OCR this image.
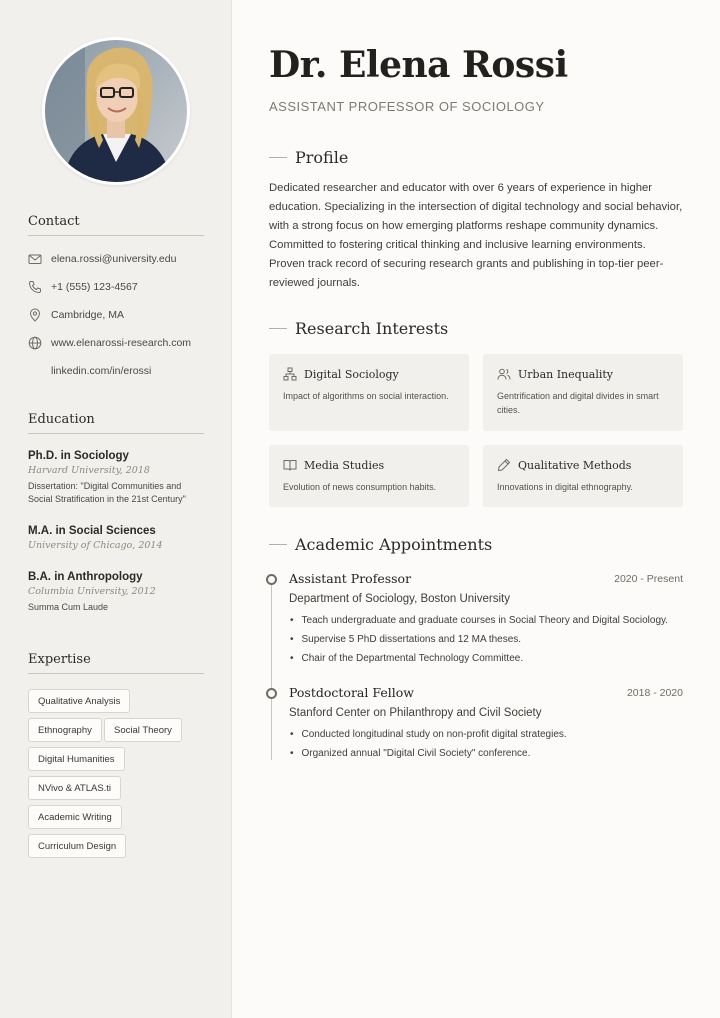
Contact
elena.rossi@university.edu
+1 (555) 123-4567
Cambridge, MA
www.elenarossi-research.com
linkedin.com/in/erossi
Education
Ph.D. in Sociology
Harvard University, 2018
Dissertation: "Digital Communities and Social Stratification in the 21st Century"
M.A. in Social Sciences
University of Chicago, 2014
B.A. in Anthropology
Columbia University, 2012
Summa Cum Laude
Expertise
Qualitative Analysis
Ethnography	Social Theory
Digital Humanities
NVivo & ATLAS.ti
Academic Writing
Curriculum Design
Dr. Elena Rossi
ASSISTANT PROFESSOR OF SOCIOLOGY
Profile

Dedicated researcher and educator with over 6 years of experience in higher education. Specializing in the intersection of digital technology and social behavior, with a strong focus on how emerging platforms reshape community dynamics. Committed to fostering critical thinking and inclusive learning environments. Proven track record of securing research grants and publishing in top-tier peer-reviewed journals.

Research Interests
Digital Sociology
Impact of algorithms on social interaction.
Urban Inequality
Gentrification and digital divides in smart cities.
Media Studies
Evolution of news consumption habits.
Qualitative Methods
Innovations in digital ethnography.
Academic Appointments
Assistant Professor	2020 - Present
Department of Sociology, Boston University
• Teach undergraduate and graduate courses in Social Theory and Digital Sociology.
• Supervise 5 PhD dissertations and 12 MA theses.
• Chair of the Departmental Technology Committee.
Postdoctoral Fellow	2018 - 2020
Stanford Center on Philanthropy and Civil Society
• Conducted longitudinal study on non-profit digital strategies.
• Organized annual "Digital Civil Society" conference.
